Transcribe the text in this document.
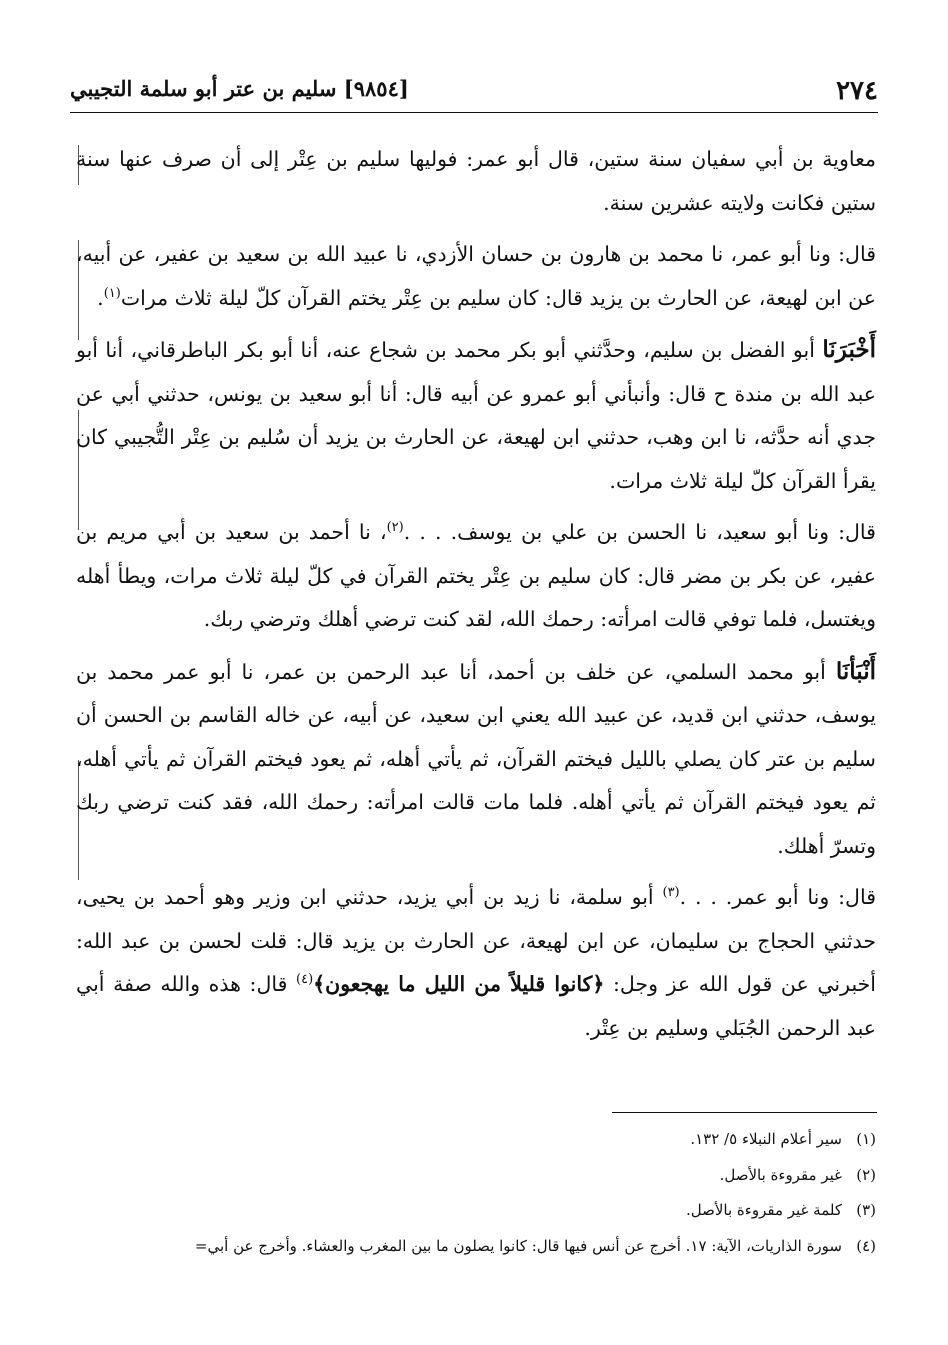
٢٧٤
[٩٨٥٤] سليم بن عتر أبو سلمة التجيبي

معاوية بن أبي سفيان سنة ستين، قال أبو عمر: فوليها سليم بن عِتْر إلى أن صرف عنها سنة ستين فكانت ولايته عشرين سنة.

قال: ونا أبو عمر، نا محمد بن هارون بن حسان الأزدي، نا عبيد الله بن سعيد بن عفير، عن أبيه، عن ابن لهيعة، عن الحارث بن يزيد قال: كان سليم بن عِتْر يختم القرآن كلّ ليلة ثلاث مرات$^{(١)}$.

أَخْبَرَنَا أبو الفضل بن سليم، وحدَّثني أبو بكر محمد بن شجاع عنه، أنا أبو بكر الباطرقاني، أنا أبو عبد الله بن مندة ح قال: وأنبأني أبو عمرو عن أبيه قال: أنا أبو سعيد بن يونس، حدثني أبي عن جدي أنه حدَّثه، نا ابن وهب، حدثني ابن لهيعة، عن الحارث بن يزيد أن سُليم بن عِتْر التُّجيبي كان يقرأ القرآن كلّ ليلة ثلاث مرات.

قال: ونا أبو سعيد، نا الحسن بن علي بن يوسف. . . .$^{(٢)}$، نا أحمد بن سعيد بن أبي مريم بن عفير، عن بكر بن مضر قال: كان سليم بن عِتْر يختم القرآن في كلّ ليلة ثلاث مرات، ويطأ أهله ويغتسل، فلما توفي قالت امرأته: رحمك الله، لقد كنت ترضي أهلك وترضي ربك.

أَنْبَأنَا أبو محمد السلمي، عن خلف بن أحمد، أنا عبد الرحمن بن عمر، نا أبو عمر محمد بن يوسف، حدثني ابن قديد، عن عبيد الله يعني ابن سعيد، عن أبيه، عن خاله القاسم بن الحسن أن سليم بن عتر كان يصلي بالليل فيختم القرآن، ثم يأتي أهله، ثم يعود فيختم القرآن ثم يأتي أهله، ثم يعود فيختم القرآن ثم يأتي أهله. فلما مات قالت امرأته: رحمك الله، فقد كنت ترضي ربك وتسرّ أهلك.

قال: ونا أبو عمر. . . .$^{(٣)}$ أبو سلمة، نا زيد بن أبي يزيد، حدثني ابن وزير وهو أحمد بن يحيى، حدثني الحجاج بن سليمان، عن ابن لهيعة، عن الحارث بن يزيد قال: قلت لحسن بن عبد الله: أخبرني عن قول الله عز وجل: ﴿كانوا قليلاً من الليل ما يهجعون﴾$^{(٤)}$ قال: هذه والله صفة أبي عبد الرحمن الجُبَلي وسليم بن عِتْر.

(١)سير أعلام النبلاء ٥/ ١٣٢.
(٢)غير مقروءة بالأصل.
(٣)كلمة غير مقروءة بالأصل.
(٤)سورة الذاريات، الآية: ١٧. أخرج عن أنس فيها قال: كانوا يصلون ما بين المغرب والعشاء. وأخرج عن أبي=
